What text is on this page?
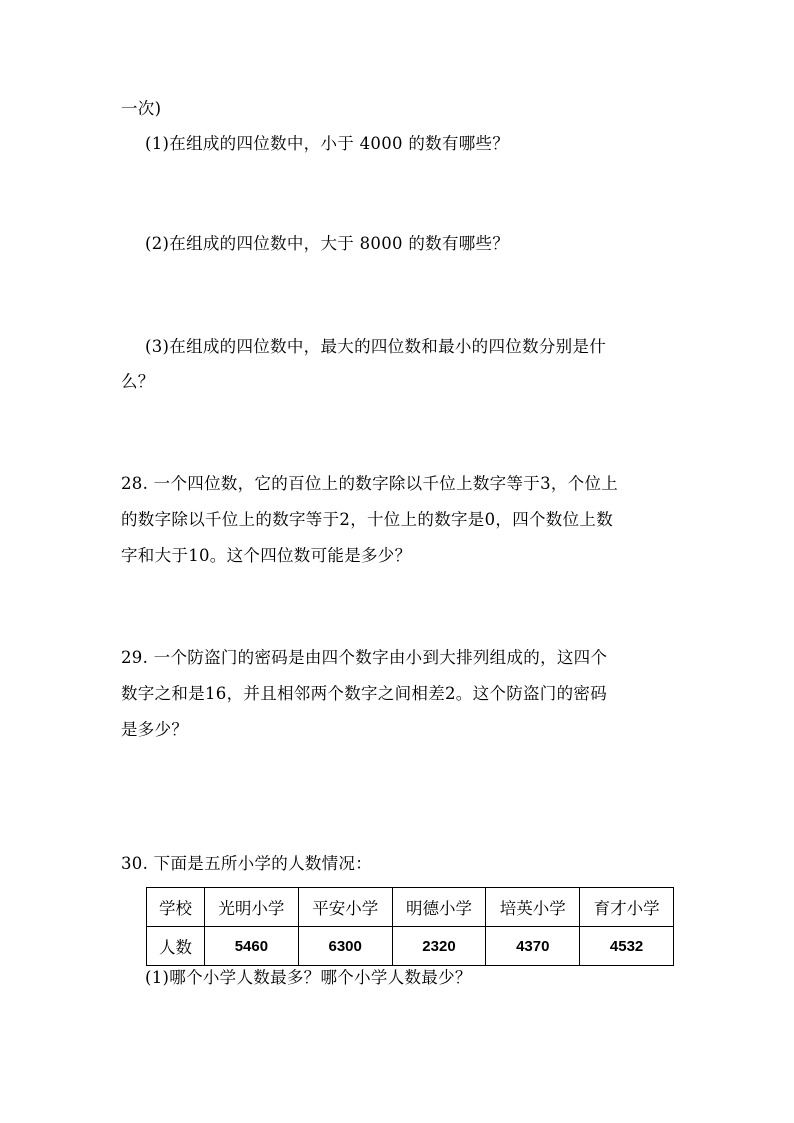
一次)
(1)在组成的四位数中，小于 4000 的数有哪些？
(2)在组成的四位数中，大于 8000 的数有哪些？
(3)在组成的四位数中，最大的四位数和最小的四位数分别是什
么？
28. 一个四位数，它的百位上的数字除以千位上数字等于3，个位上
的数字除以千位上的数字等于2，十位上的数字是0，四个数位上数
字和大于10。这个四位数可能是多少？
29. 一个防盗门的密码是由四个数字由小到大排列组成的，这四个
数字之和是16，并且相邻两个数字之间相差2。这个防盗门的密码
是多少？
30. 下面是五所小学的人数情况：
学校	光明小学	平安小学	明德小学	培英小学	育才小学
人数	5460	6300	2320	4370	4532
(1)哪个小学人数最多？哪个小学人数最少？
